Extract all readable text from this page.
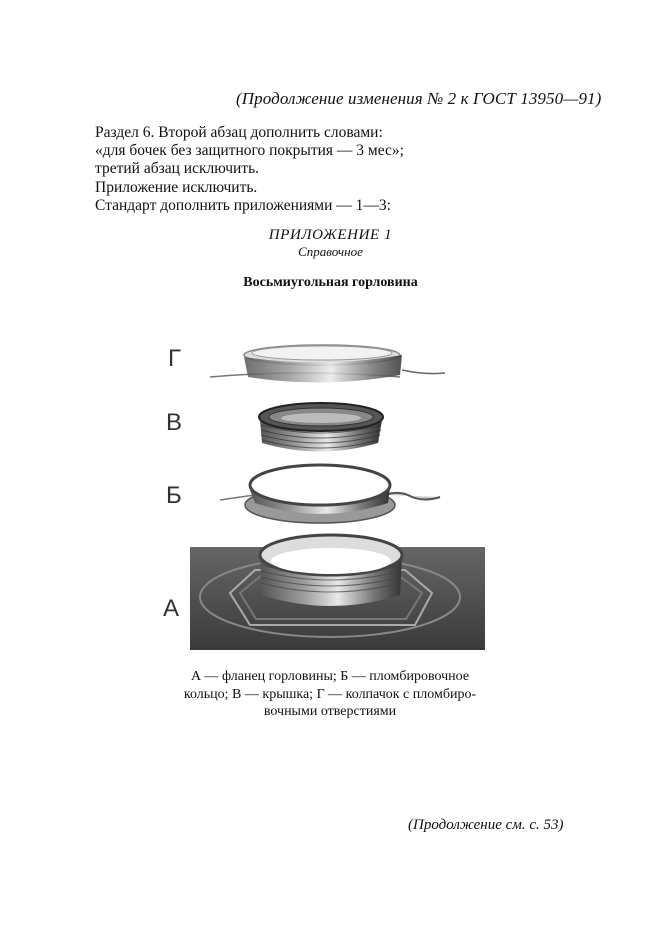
(Продолжение изменения № 2 к ГОСТ 13950—91)
Раздел 6. Второй абзац дополнить словами:
«для бочек без защитного покрытия — 3 мес»;
третий абзац исключить.
Приложение исключить.
Стандарт дополнить приложениями — 1—3:
ПРИЛОЖЕНИЕ 1
Справочное
Восьмиугольная горловина
Г
В
Б
А
А — фланец горловины; Б — пломбировочное
кольцо; В — крышка; Г — колпачок с пломбиро-
вочными отверстиями
(Продолжение см. с. 53)
